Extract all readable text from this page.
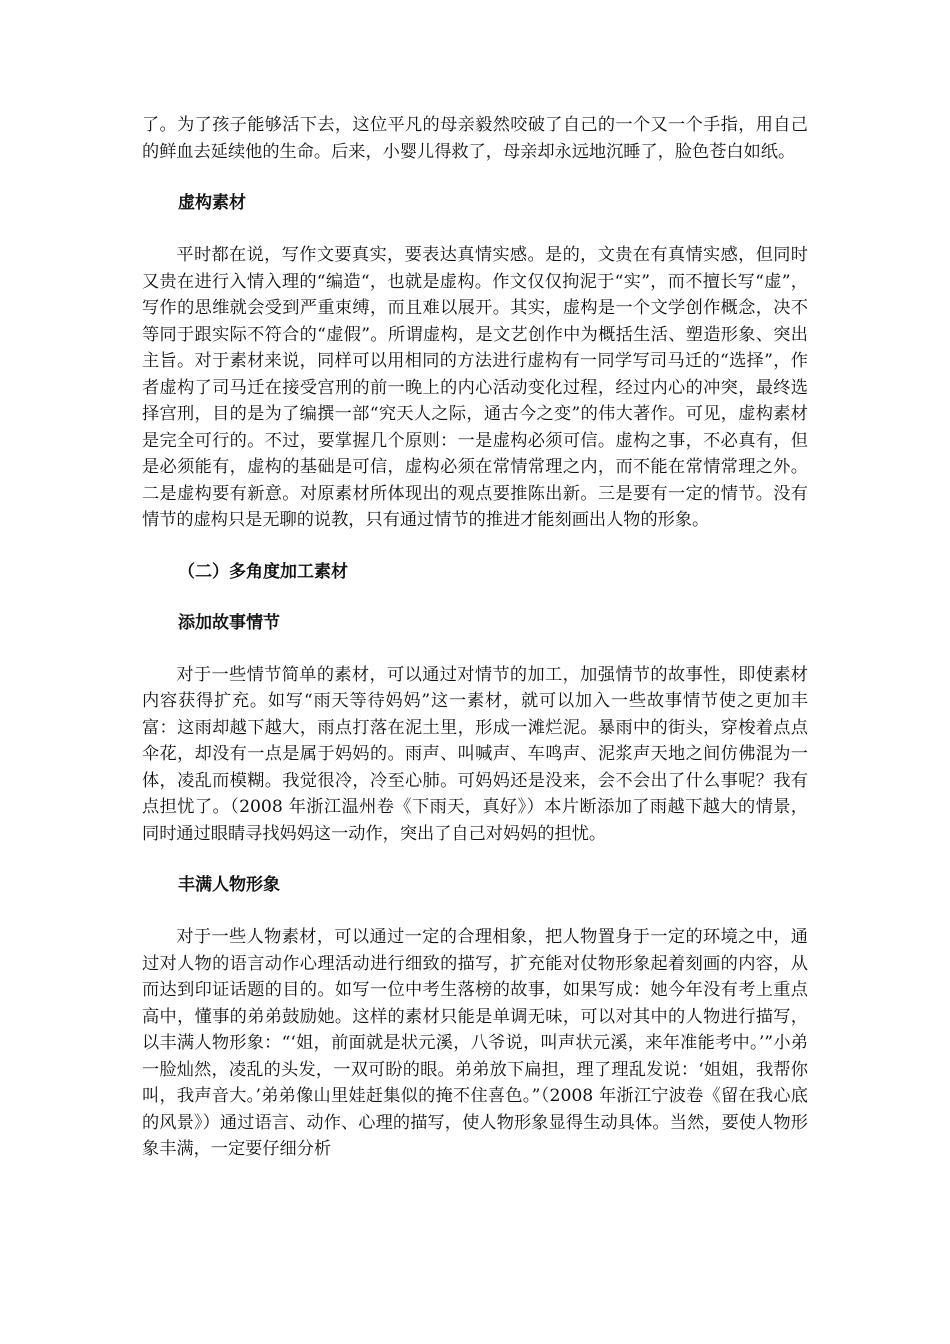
了。为了孩子能够活下去，这位平凡的母亲毅然咬破了自己的一个又一个手指，用自己的鲜血去延续他的生命。后来，小婴儿得救了，母亲却永远地沉睡了，脸色苍白如纸。

虚构素材

平时都在说，写作文要真实，要表达真情实感。是的，文贵在有真情实感，但同时又贵在进行入情入理的“编造“，也就是虚构。作文仅仅拘泥于“实”，而不擅长写“虚”，写作的思维就会受到严重束缚，而且难以展开。其实，虚构是一个文学创作概念，决不等同于跟实际不符合的“虚假”。所谓虚构，是文艺创作中为概括生活、塑造形象、突出主旨。对于素材来说，同样可以用相同的方法进行虚构有一同学写司马迁的“选择”，作者虚构了司马迁在接受宫刑的前一晚上的内心活动变化过程，经过内心的冲突，最终选择宫刑，目的是为了编撰一部“究天人之际，通古今之变”的伟大著作。可见，虚构素材是完全可行的。不过，要掌握几个原则：一是虚构必须可信。虚构之事，不必真有，但是必须能有，虚构的基础是可信，虚构必须在常情常理之内，而不能在常情常理之外。二是虚构要有新意。对原素材所体现出的观点要推陈出新。三是要有一定的情节。没有情节的虚构只是无聊的说教，只有通过情节的推进才能刻画出人物的形象。

（二）多角度加工素材
添加故事情节

对于一些情节简单的素材，可以通过对情节的加工，加强情节的故事性，即使素材内容获得扩充。如写“雨天等待妈妈”这一素材，就可以加入一些故事情节使之更加丰富：这雨却越下越大，雨点打落在泥土里，形成一滩烂泥。暴雨中的街头，穿梭着点点伞花，却没有一点是属于妈妈的。雨声、叫喊声、车鸣声、泥浆声天地之间仿佛混为一体，凌乱而模糊。我觉很冷，冷至心肺。可妈妈还是没来，会不会出了什么事呢？我有点担忧了。（2008 年浙江温州卷《下雨天，真好》）本片断添加了雨越下越大的情景，同时通过眼睛寻找妈妈这一动作，突出了自己对妈妈的担忧。

丰满人物形象

对于一些人物素材，可以通过一定的合理相象，把人物置身于一定的环境之中，通过对人物的语言动作心理活动进行细致的描写，扩充能对仗物形象起着刻画的内容，从而达到印证话题的目的。如写一位中考生落榜的故事，如果写成：她今年没有考上重点高中，懂事的弟弟鼓励她。这样的素材只能是单调无味，可以对其中的人物进行描写，以丰满人物形象：“‘姐，前面就是状元溪，八爷说，叫声状元溪，来年准能考中。’”小弟一脸灿然，凌乱的头发，一双可盼的眼。弟弟放下扁担，理了理乱发说：‘姐姐，我帮你叫，我声音大。’弟弟像山里娃赶集似的掩不住喜色。”（2008 年浙江宁波卷《留在我心底的风景》）通过语言、动作、心理的描写，使人物形象显得生动具体。当然，要使人物形象丰满，一定要仔细分析
